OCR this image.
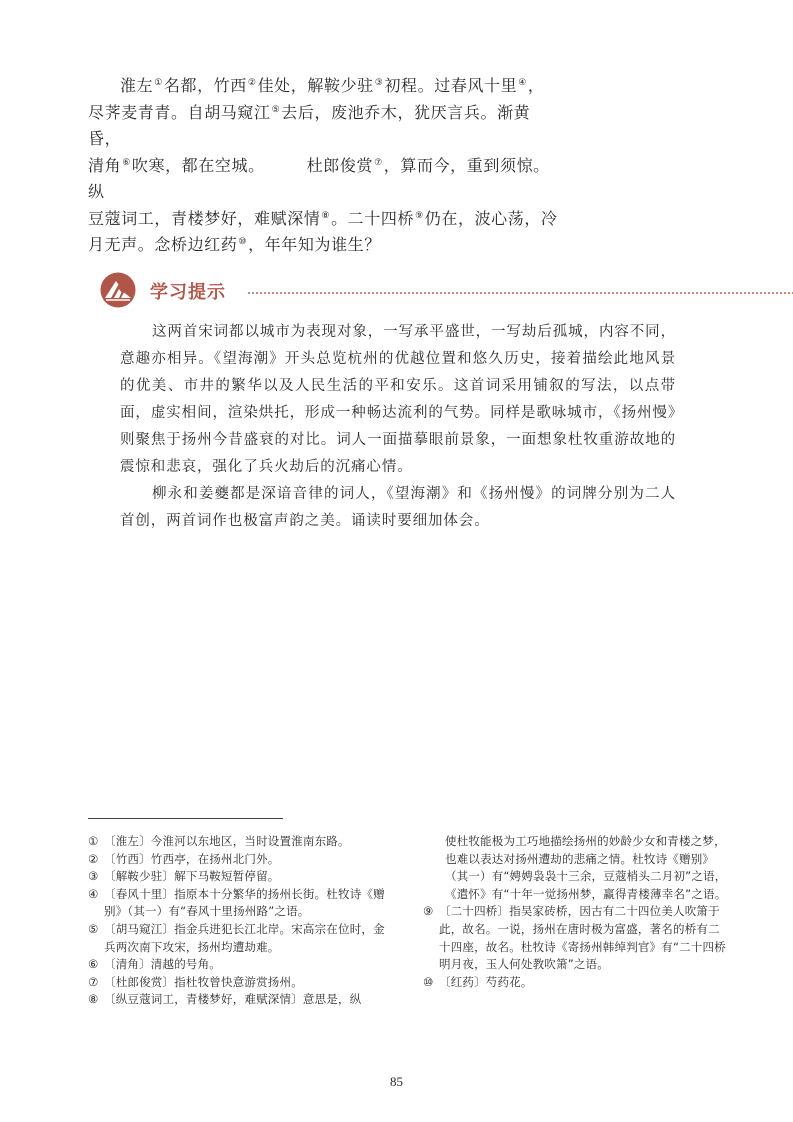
淮左①名都，竹西②佳处，解鞍少驻③初程。过春风十里④，

尽荠麦青青。自胡马窥江⑤去后，废池乔木，犹厌言兵。渐黄昏，

清角⑥吹寒，都在空城。	杜郎俊赏⑦，算而今，重到须惊。纵

豆蔻词工，青楼梦好，难赋深情⑧。二十四桥⑨仍在，波心荡，冷

月无声。念桥边红药⑩，年年知为谁生？

学习提示

这两首宋词都以城市为表现对象，一写承平盛世，一写劫后孤城，内容不同，意趣亦相异。《望海潮》开头总览杭州的优越位置和悠久历史，接着描绘此地风景的优美、市井的繁华以及人民生活的平和安乐。这首词采用铺叙的写法，以点带面，虚实相间，渲染烘托，形成一种畅达流利的气势。同样是歌咏城市，《扬州慢》则聚焦于扬州今昔盛衰的对比。词人一面描摹眼前景象，一面想象杜牧重游故地的震惊和悲哀，强化了兵火劫后的沉痛心情。

柳永和姜夔都是深谙音律的词人，《望海潮》和《扬州慢》的词牌分别为二人首创，两首词作也极富声韵之美。诵读时要细加体会。

① 〔淮左〕今淮河以东地区，当时设置淮南东路。
② 〔竹西〕竹西亭，在扬州北门外。
③ 〔解鞍少驻〕解下马鞍短暂停留。
④ 〔春风十里〕指原本十分繁华的扬州长街。杜牧诗《赠别》（其一）有“春风十里扬州路”之语。
⑤ 〔胡马窥江〕指金兵进犯长江北岸。宋高宗在位时，金兵两次南下攻宋，扬州均遭劫难。
⑥ 〔清角〕清越的号角。
⑦ 〔杜郎俊赏〕指杜牧曾快意游赏扬州。
⑧ 〔纵豆蔻词工，青楼梦好，难赋深情〕意思是，纵

使杜牧能极为工巧地描绘扬州的妙龄少女和青楼之梦，也难以表达对扬州遭劫的悲痛之情。杜牧诗《赠别》（其一）有“娉娉袅袅十三余，豆蔻梢头二月初”之语，《遣怀》有“十年一觉扬州梦，赢得青楼薄幸名”之语。

⑨ 〔二十四桥〕指吴家砖桥，因古有二十四位美人吹箫于此，故名。一说，扬州在唐时极为富盛，著名的桥有二十四座，故名。杜牧诗《寄扬州韩绰判官》有“二十四桥明月夜，玉人何处教吹箫”之语。
⑩ 〔红药〕芍药花。
85
